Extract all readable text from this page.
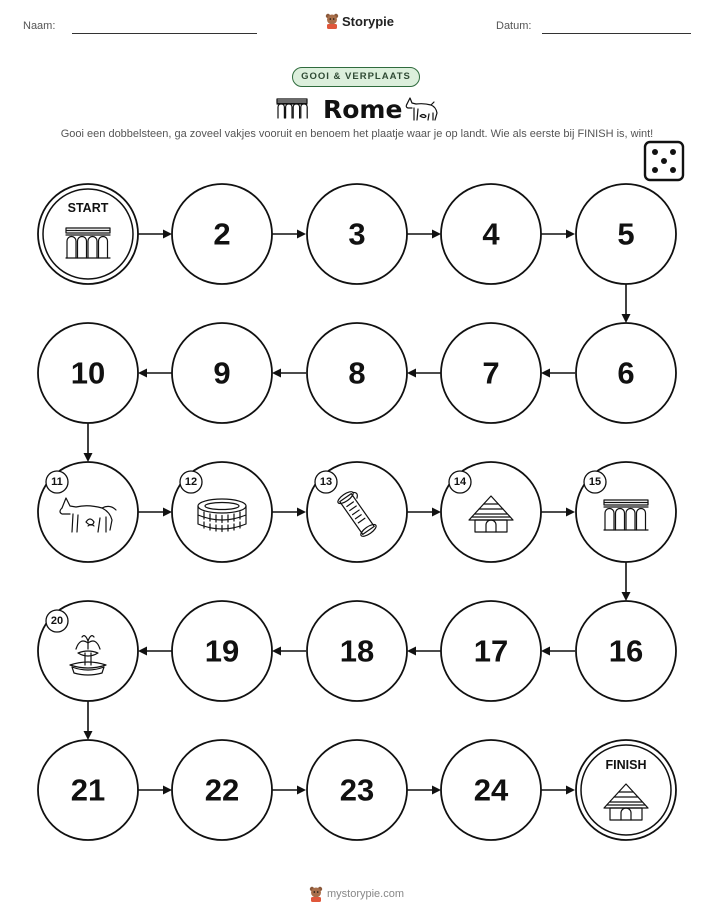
Naam:	Storypie	Datum:
GOOI & VERPLAATS
Rome
Gooi een dobbelsteen, ga zoveel vakjes vooruit en benoem het plaatje waar je op landt. Wie als eerste bij FINISH is, wint!
START
2	3	4	5
6
7
8
9
10
11	12	13	14	15
16
17
18
19
20
21	22	23	24
FINISH
mystorypie.com
